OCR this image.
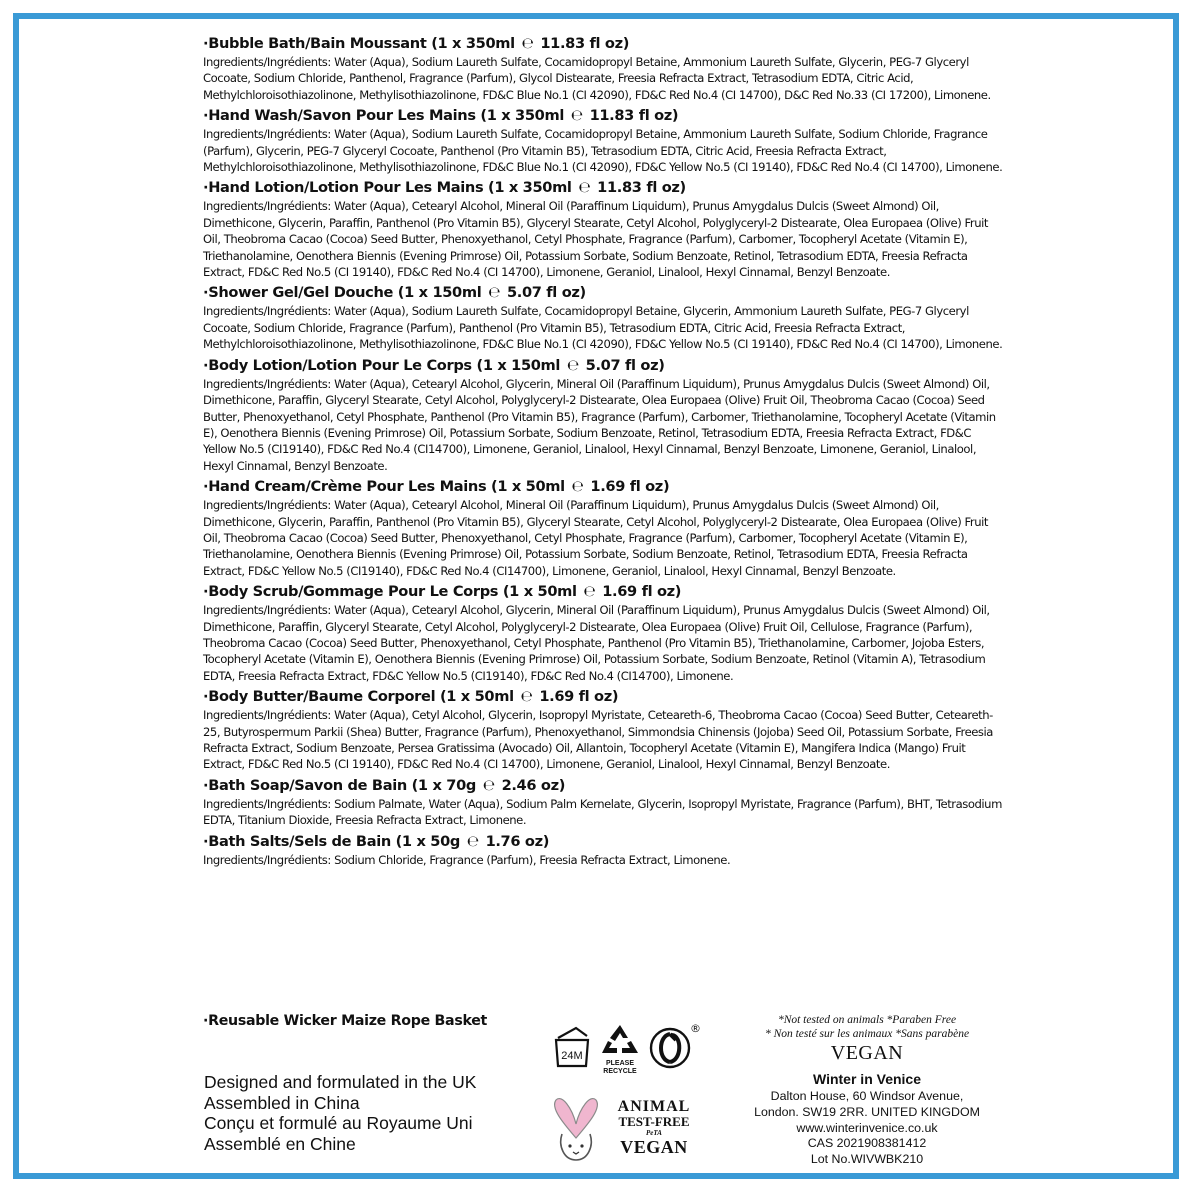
·Bubble Bath/Bain Moussant (1 x 350ml ℮ 11.83 fl oz)
Ingredients/Ingrédients: Water (Aqua), Sodium Laureth Sulfate, Cocamidopropyl Betaine, Ammonium Laureth Sulfate, Glycerin, PEG-7 Glyceryl Cocoate, Sodium Chloride, Panthenol, Fragrance (Parfum), Glycol Distearate, Freesia Refracta Extract, Tetrasodium EDTA, Citric Acid, Methylchloroisothiazolinone, Methylisothiazolinone, FD&C Blue No.1 (CI 42090), FD&C Red No.4 (CI 14700), D&C Red No.33 (CI 17200), Limonene.
·Hand Wash/Savon Pour Les Mains (1 x 350ml ℮ 11.83 fl oz)
Ingredients/Ingrédients: Water (Aqua), Sodium Laureth Sulfate, Cocamidopropyl Betaine, Ammonium Laureth Sulfate, Sodium Chloride, Fragrance (Parfum), Glycerin, PEG-7 Glyceryl Cocoate, Panthenol (Pro Vitamin B5), Tetrasodium EDTA, Citric Acid, Freesia Refracta Extract, Methylchloroisothiazolinone, Methylisothiazolinone, FD&C Blue No.1 (CI 42090), FD&C Yellow No.5 (CI 19140), FD&C Red No.4 (CI 14700), Limonene.
·Hand Lotion/Lotion Pour Les Mains (1 x 350ml ℮ 11.83 fl oz)
Ingredients/Ingrédients: Water (Aqua), Cetearyl Alcohol, Mineral Oil (Paraffinum Liquidum), Prunus Amygdalus Dulcis (Sweet Almond) Oil, Dimethicone, Glycerin, Paraffin, Panthenol (Pro Vitamin B5), Glyceryl Stearate, Cetyl Alcohol, Polyglyceryl-2 Distearate, Olea Europaea (Olive) Fruit Oil, Theobroma Cacao (Cocoa) Seed Butter, Phenoxyethanol, Cetyl Phosphate, Fragrance (Parfum), Carbomer, Tocopheryl Acetate (Vitamin E), Triethanolamine, Oenothera Biennis (Evening Primrose) Oil, Potassium Sorbate, Sodium Benzoate, Retinol, Tetrasodium EDTA, Freesia Refracta Extract, FD&C Red No.5 (CI 19140), FD&C Red No.4 (CI 14700), Limonene, Geraniol, Linalool, Hexyl Cinnamal, Benzyl Benzoate.
·Shower Gel/Gel Douche (1 x 150ml ℮ 5.07 fl oz)
Ingredients/Ingrédients: Water (Aqua), Sodium Laureth Sulfate, Cocamidopropyl Betaine, Glycerin, Ammonium Laureth Sulfate, PEG-7 Glyceryl Cocoate, Sodium Chloride, Fragrance (Parfum), Panthenol (Pro Vitamin B5), Tetrasodium EDTA, Citric Acid, Freesia Refracta Extract, Methylchloroisothiazolinone, Methylisothiazolinone, FD&C Blue No.1 (CI 42090), FD&C Yellow No.5 (CI 19140), FD&C Red No.4 (CI 14700), Limonene.
·Body Lotion/Lotion Pour Le Corps (1 x 150ml ℮ 5.07 fl oz)
Ingredients/Ingrédients: Water (Aqua), Cetearyl Alcohol, Glycerin, Mineral Oil (Paraffinum Liquidum), Prunus Amygdalus Dulcis (Sweet Almond) Oil, Dimethicone, Paraffin, Glyceryl Stearate, Cetyl Alcohol, Polyglyceryl-2 Distearate, Olea Europaea (Olive) Fruit Oil, Theobroma Cacao (Cocoa) Seed Butter, Phenoxyethanol, Cetyl Phosphate, Panthenol (Pro Vitamin B5), Fragrance (Parfum), Carbomer, Triethanolamine, Tocopheryl Acetate (Vitamin E), Oenothera Biennis (Evening Primrose) Oil, Potassium Sorbate, Sodium Benzoate, Retinol, Tetrasodium EDTA, Freesia Refracta Extract, FD&C Yellow No.5 (CI19140), FD&C Red No.4 (CI14700), Limonene, Geraniol, Linalool, Hexyl Cinnamal, Benzyl Benzoate, Limonene, Geraniol, Linalool, Hexyl Cinnamal, Benzyl Benzoate.
·Hand Cream/Crème Pour Les Mains (1 x 50ml ℮ 1.69 fl oz)
Ingredients/Ingrédients: Water (Aqua), Cetearyl Alcohol, Mineral Oil (Paraffinum Liquidum), Prunus Amygdalus Dulcis (Sweet Almond) Oil, Dimethicone, Glycerin, Paraffin, Panthenol (Pro Vitamin B5), Glyceryl Stearate, Cetyl Alcohol, Polyglyceryl-2 Distearate, Olea Europaea (Olive) Fruit Oil, Theobroma Cacao (Cocoa) Seed Butter, Phenoxyethanol, Cetyl Phosphate, Fragrance (Parfum), Carbomer, Tocopheryl Acetate (Vitamin E), Triethanolamine, Oenothera Biennis (Evening Primrose) Oil, Potassium Sorbate, Sodium Benzoate, Retinol, Tetrasodium EDTA, Freesia Refracta Extract, FD&C Yellow No.5 (CI19140), FD&C Red No.4 (CI14700), Limonene, Geraniol, Linalool, Hexyl Cinnamal, Benzyl Benzoate.
·Body Scrub/Gommage Pour Le Corps (1 x 50ml ℮ 1.69 fl oz)
Ingredients/Ingrédients: Water (Aqua), Cetearyl Alcohol, Glycerin, Mineral Oil (Paraffinum Liquidum), Prunus Amygdalus Dulcis (Sweet Almond) Oil, Dimethicone, Paraffin, Glyceryl Stearate, Cetyl Alcohol, Polyglyceryl-2 Distearate, Olea Europaea (Olive) Fruit Oil, Cellulose, Fragrance (Parfum), Theobroma Cacao (Cocoa) Seed Butter, Phenoxyethanol, Cetyl Phosphate, Panthenol (Pro Vitamin B5), Triethanolamine, Carbomer, Jojoba Esters, Tocopheryl Acetate (Vitamin E), Oenothera Biennis (Evening Primrose) Oil, Potassium Sorbate, Sodium Benzoate, Retinol (Vitamin A), Tetrasodium EDTA, Freesia Refracta Extract, FD&C Yellow No.5 (CI19140), FD&C Red No.4 (CI14700), Limonene.
·Body Butter/Baume Corporel (1 x 50ml ℮ 1.69 fl oz)
Ingredients/Ingrédients: Water (Aqua), Cetyl Alcohol, Glycerin, Isopropyl Myristate, Ceteareth-6, Theobroma Cacao (Cocoa) Seed Butter, Ceteareth-25, Butyrospermum Parkii (Shea) Butter, Fragrance (Parfum), Phenoxyethanol, Simmondsia Chinensis (Jojoba) Seed Oil, Potassium Sorbate, Freesia Refracta Extract, Sodium Benzoate, Persea Gratissima (Avocado) Oil, Allantoin, Tocopheryl Acetate (Vitamin E), Mangifera Indica (Mango) Fruit Extract, FD&C Red No.5 (CI 19140), FD&C Red No.4 (CI 14700), Limonene, Geraniol, Linalool, Hexyl Cinnamal, Benzyl Benzoate.
·Bath Soap/Savon de Bain (1 x 70g ℮ 2.46 oz)
Ingredients/Ingrédients: Sodium Palmate, Water (Aqua), Sodium Palm Kernelate, Glycerin, Isopropyl Myristate, Fragrance (Parfum), BHT, Tetrasodium EDTA, Titanium Dioxide, Freesia Refracta Extract, Limonene.
·Bath Salts/Sels de Bain (1 x 50g ℮ 1.76 oz)
Ingredients/Ingrédients: Sodium Chloride, Fragrance (Parfum), Freesia Refracta Extract, Limonene.
·Reusable Wicker Maize Rope Basket
Designed and formulated in the UK
Assembled in China
Conçu et formulé au Royaume Uni
Assemblé en Chine
24M
PLEASE
RECYCLE
®
ANIMAL
TEST-FREE
PeTA
VEGAN
*Not tested on animals *Paraben Free
* Non testé sur les animaux *Sans parabène
VEGAN
Winter in Venice
Dalton House, 60 Windsor Avenue,
London. SW19 2RR. UNITED KINGDOM
www.winterinvenice.co.uk
CAS 2021908381412
Lot No.WIVWBK210
